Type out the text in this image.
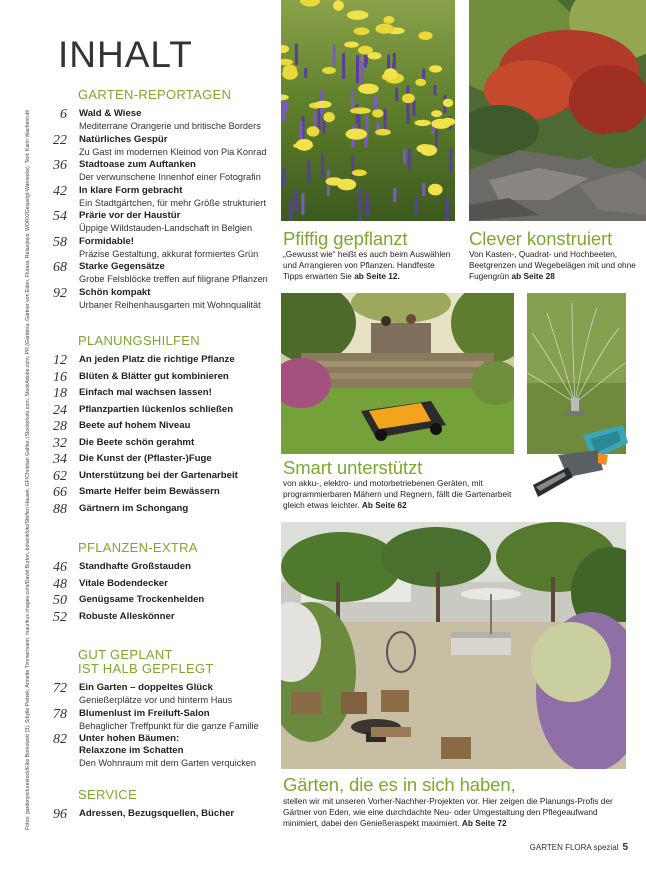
Fotos: gardenpicturestock/Elke Borkowski (3), Sibylle Pietrek, Annette Timmermann, mauritius images.com/David Burton, botanikfoto/Steffen Hauser, GF/Christian Gahler, iStockphoto.com, StockAdobe.com, PR (Gardena, Gärtner von Eden, Flutara, Relaxdays, WORX/Gespeigl-Warnecke). Text: Karin Wachenruth
INHALT
GARTEN-REPORTAGEN
6 Wald & Wiese
Mediterrane Orangerie und britische Borders
22 Natürliches Gespür
Zu Gast im modernen Kleinod von Pia Konrad
36 Stadtoase zum Auftanken
Der verwunschene Innenhof einer Fotografin
42 In klare Form gebracht
Ein Stadtgärtchen, für mehr Größe strukturiert
54 Prärie vor der Haustür
Üppige Wildstauden-Landschaft in Belgien
58 Formidable!
Präzise Gestaltung, akkurat formiertes Grün
68 Starke Gegensätze
Grobe Felsblöcke treffen auf filigrane Pflanzen
92 Schön kompakt
Urbaner Reihenhausgarten mit Wohnqualität
PLANUNGSHILFEN
12 An jeden Platz die richtige Pflanze
16 Blüten & Blätter gut kombinieren
18 Einfach mal wachsen lassen!
24 Pflanzpartien lückenlos schließen
28 Beete auf hohem Niveau
32 Die Beete schön gerahmt
34 Die Kunst der (Pflaster-)Fuge
62 Unterstützung bei der Gartenarbeit
66 Smarte Helfer beim Bewässern
88 Gärtnern im Schongang
PFLANZEN-EXTRA
46 Standhafte Großstauden
48 Vitale Bodendecker
50 Genügsame Trockenhelden
52 Robuste Alleskönner
GUT GEPLANT
IST HALB GEPFLEGT
72 Ein Garten – doppeltes Glück
Genießerplätze vor und hinterm Haus
78 Blumenlust im Freiluft-Salon
Behaglicher Treffpunkt für die ganze Familie
82 Unter hohen Bäumen:
Relaxzone im Schatten
Den Wohnraum mit dem Garten verquicken
SERVICE
96 Adressen, Bezugsquellen, Bücher
Pfiffig gepflanzt
„Gewusst wie“ heißt es auch beim Auswählen und Arrangieren von Pflanzen. Handfeste Tipps erwarten Sie ab Seite 12.
Clever konstruiert
Von Kasten-, Quadrat- und Hochbeeten, Beetgrenzen und Wegebelägen mit und ohne Fugengrün ab Seite 28
Smart unterstützt
von akku-, elektro- und motorbetriebenen Geräten, mit programmierbaren Mähern und Regnern, fällt die Gartenarbeit gleich etwas leichter. Ab Seite 62
Gärten, die es in sich haben,
stellen wir mit unseren Vorher-Nachher-Projekten vor. Hier zeigen die Planungs-Profis der Gärtner von Eden, wie eine durchdachte Neu- oder Umgestaltung den Pflegeaufwand minimiert, dabei den Genießeraspekt maximiert. Ab Seite 72
GARTEN FLORA spezial 5
